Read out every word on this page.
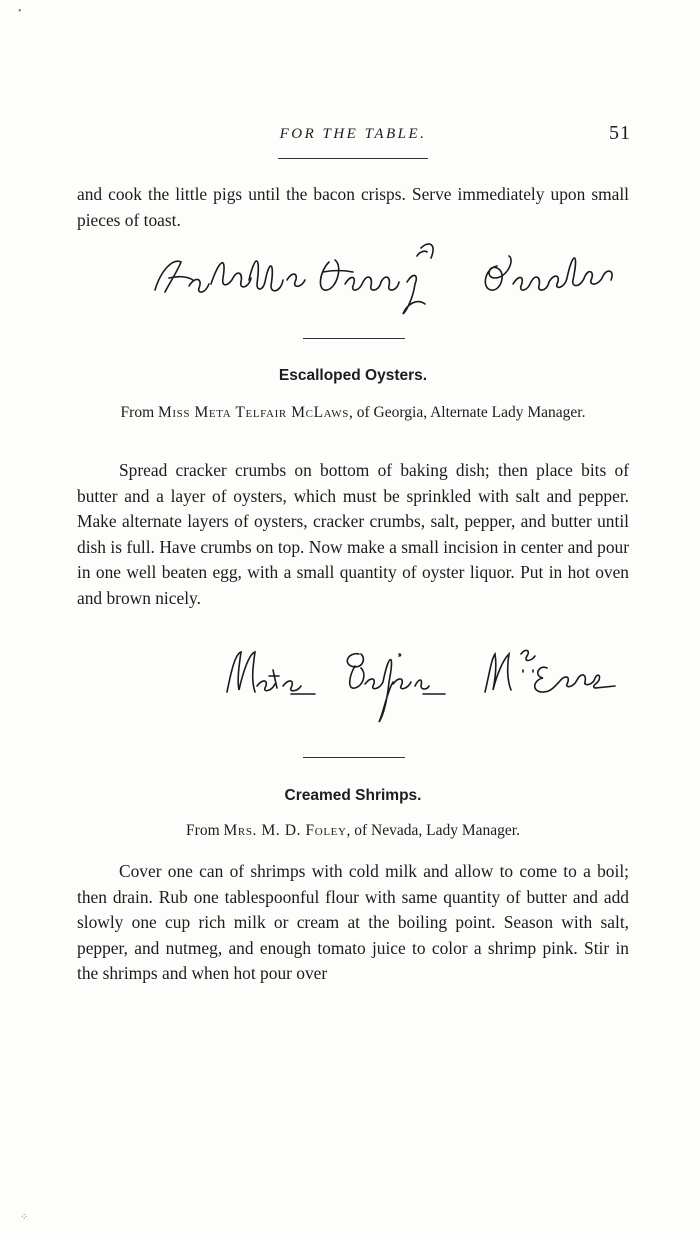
•
⁘
FOR THE TABLE.	51

and cook the little pigs until the bacon crisps. Serve immediately upon small pieces of toast.

Escalloped Oysters.
From Miss Meta Telfair McLaws, of Georgia, Alternate Lady Manager.

Spread cracker crumbs on bottom of baking dish; then place bits of butter and a layer of oysters, which must be sprinkled with salt and pepper. Make alternate layers of oysters, cracker crumbs, salt, pepper, and butter until dish is full. Have crumbs on top. Now make a small incision in center and pour in one well beaten egg, with a small quantity of oyster liquor. Put in hot oven and brown nicely.

Creamed Shrimps.
From Mrs. M. D. Foley, of Nevada, Lady Manager.

Cover one can of shrimps with cold milk and allow to come to a boil; then drain. Rub one tablespoonful flour with same quantity of butter and add slowly one cup rich milk or cream at the boiling point. Season with salt, pepper, and nutmeg, and enough tomato juice to color a shrimp pink. Stir in the shrimps and when hot pour over
